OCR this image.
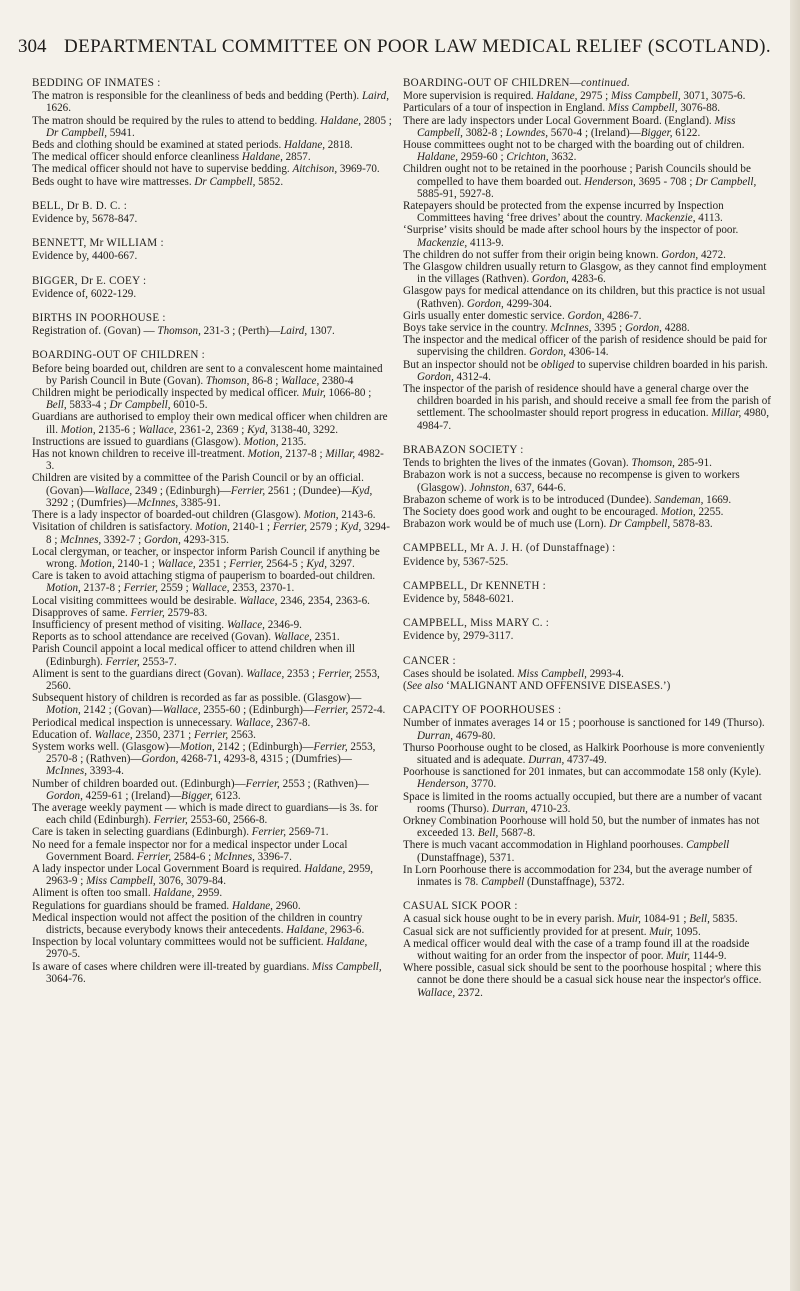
304 DEPARTMENTAL COMMITTEE ON POOR LAW MEDICAL RELIEF (SCOTLAND).
BEDDING OF INMATES :
The matron is responsible for the cleanliness of beds and bedding (Perth). Laird, 1626.
The matron should be required by the rules to attend to bedding. Haldane, 2805 ; Dr Campbell, 5941.
Beds and clothing should be examined at stated periods. Haldane, 2818.
The medical officer should enforce cleanliness Haldane, 2857.
The medical officer should not have to supervise bedding. Aitchison, 3969-70.
Beds ought to have wire mattresses. Dr Campbell, 5852.
BELL, Dr B. D. C. :
Evidence by, 5678-847.
BENNETT, Mr WILLIAM :
Evidence by, 4400-667.
BIGGER, Dr E. COEY :
Evidence of, 6022-129.
BIRTHS IN POORHOUSE :
Registration of. (Govan) — Thomson, 231-3 ; (Perth)—Laird, 1307.
BOARDING-OUT OF CHILDREN :
Before being boarded out, children are sent to a convalescent home maintained by Parish Council in Bute (Govan). Thomson, 86-8 ; Wallace, 2380-4
Children might be periodically inspected by medical officer. Muir, 1066-80 ; Bell, 5833-4 ; Dr Campbell, 6010-5.
Guardians are authorised to employ their own medical officer when children are ill. Motion, 2135-6 ; Wallace, 2361-2, 2369 ; Kyd, 3138-40, 3292.
Instructions are issued to guardians (Glasgow). Motion, 2135.
Has not known children to receive ill-treatment. Motion, 2137-8 ; Millar, 4982-3.
Children are visited by a committee of the Parish Council or by an official. (Govan)—Wallace, 2349 ; (Edinburgh)—Ferrier, 2561 ; (Dundee)—Kyd, 3292 ; (Dumfries)—McInnes, 3385-91.
There is a lady inspector of boarded-out children (Glasgow). Motion, 2143-6.
Visitation of children is satisfactory. Motion, 2140-1 ; Ferrier, 2579 ; Kyd, 3294-8 ; McInnes, 3392-7 ; Gordon, 4293-315.
Local clergyman, or teacher, or inspector inform Parish Council if anything be wrong. Motion, 2140-1 ; Wallace, 2351 ; Ferrier, 2564-5 ; Kyd, 3297.
Care is taken to avoid attaching stigma of pauperism to boarded-out children. Motion, 2137-8 ; Ferrier, 2559 ; Wallace, 2353, 2370-1.
Local visiting committees would be desirable. Wallace, 2346, 2354, 2363-6.
Disapproves of same. Ferrier, 2579-83.
Insufficiency of present method of visiting. Wallace, 2346-9.
Reports as to school attendance are received (Govan). Wallace, 2351.
Parish Council appoint a local medical officer to attend children when ill (Edinburgh). Ferrier, 2553-7.
Aliment is sent to the guardians direct (Govan). Wallace, 2353 ; Ferrier, 2553, 2560.
Subsequent history of children is recorded as far as possible. (Glasgow)—Motion, 2142 ; (Govan)—Wallace, 2355-60 ; (Edinburgh)—Ferrier, 2572-4.
Periodical medical inspection is unnecessary. Wallace, 2367-8.
Education of. Wallace, 2350, 2371 ; Ferrier, 2563.
System works well. (Glasgow)—Motion, 2142 ; (Edinburgh)—Ferrier, 2553, 2570-8 ; (Rathven)—Gordon, 4268-71, 4293-8, 4315 ; (Dumfries)—McInnes, 3393-4.
Number of children boarded out. (Edinburgh)—Ferrier, 2553 ; (Rathven)—Gordon, 4259-61 ; (Ireland)—Bigger, 6123.
The average weekly payment — which is made direct to guardians—is 3s. for each child (Edinburgh). Ferrier, 2553-60, 2566-8.
Care is taken in selecting guardians (Edinburgh). Ferrier, 2569-71.
No need for a female inspector nor for a medical inspector under Local Government Board. Ferrier, 2584-6 ; McInnes, 3396-7.
A lady inspector under Local Government Board is required. Haldane, 2959, 2963-9 ; Miss Campbell, 3076, 3079-84.
Aliment is often too small. Haldane, 2959.
Regulations for guardians should be framed. Haldane, 2960.
Medical inspection would not affect the position of the children in country districts, because everybody knows their antecedents. Haldane, 2963-6.
Inspection by local voluntary committees would not be sufficient. Haldane, 2970-5.
Is aware of cases where children were ill-treated by guardians. Miss Campbell, 3064-76.
BOARDING-OUT OF CHILDREN—continued.
More supervision is required. Haldane, 2975 ; Miss Campbell, 3071, 3075-6.
Particulars of a tour of inspection in England. Miss Campbell, 3076-88.
There are lady inspectors under Local Government Board. (England). Miss Campbell, 3082-8 ; Lowndes, 5670-4 ; (Ireland)—Bigger, 6122.
House committees ought not to be charged with the boarding out of children. Haldane, 2959-60 ; Crichton, 3632.
Children ought not to be retained in the poorhouse ; Parish Councils should be compelled to have them boarded out. Henderson, 3695 - 708 ; Dr Campbell, 5885-91, 5927-8.
Ratepayers should be protected from the expense incurred by Inspection Committees having ‘free drives’ about the country. Mackenzie, 4113.
‘Surprise’ visits should be made after school hours by the inspector of poor. Mackenzie, 4113-9.
The children do not suffer from their origin being known. Gordon, 4272.
The Glasgow children usually return to Glasgow, as they cannot find employment in the villages (Rathven). Gordon, 4283-6.
Glasgow pays for medical attendance on its children, but this practice is not usual (Rathven). Gordon, 4299-304.
Girls usually enter domestic service. Gordon, 4286-7.
Boys take service in the country. McInnes, 3395 ; Gordon, 4288.
The inspector and the medical officer of the parish of residence should be paid for supervising the children. Gordon, 4306-14.
But an inspector should not be obliged to supervise children boarded in his parish. Gordon, 4312-4.
The inspector of the parish of residence should have a general charge over the children boarded in his parish, and should receive a small fee from the parish of settlement. The schoolmaster should report progress in education. Millar, 4980, 4984-7.
BRABAZON SOCIETY :
Tends to brighten the lives of the inmates (Govan). Thomson, 285-91.
Brabazon work is not a success, because no recompense is given to workers (Glasgow). Johnston, 637, 644-6.
Brabazon scheme of work is to be introduced (Dundee). Sandeman, 1669.
The Society does good work and ought to be encouraged. Motion, 2255.
Brabazon work would be of much use (Lorn). Dr Campbell, 5878-83.
CAMPBELL, Mr A. J. H. (of Dunstaffnage) :
Evidence by, 5367-525.
CAMPBELL, Dr KENNETH :
Evidence by, 5848-6021.
CAMPBELL, Miss MARY C. :
Evidence by, 2979-3117.
CANCER :
Cases should be isolated. Miss Campbell, 2993-4.
(See also ‘MALIGNANT AND OFFENSIVE DISEASES.’)
CAPACITY OF POORHOUSES :
Number of inmates averages 14 or 15 ; poorhouse is sanctioned for 149 (Thurso). Durran, 4679-80.
Thurso Poorhouse ought to be closed, as Halkirk Poorhouse is more conveniently situated and is adequate. Durran, 4737-49.
Poorhouse is sanctioned for 201 inmates, but can accommodate 158 only (Kyle). Henderson, 3770.
Space is limited in the rooms actually occupied, but there are a number of vacant rooms (Thurso). Durran, 4710-23.
Orkney Combination Poorhouse will hold 50, but the number of inmates has not exceeded 13. Bell, 5687-8.
There is much vacant accommodation in Highland poorhouses. Campbell (Dunstaffnage), 5371.
In Lorn Poorhouse there is accommodation for 234, but the average number of inmates is 78. Campbell (Dunstaffnage), 5372.
CASUAL SICK POOR :
A casual sick house ought to be in every parish. Muir, 1084-91 ; Bell, 5835.
Casual sick are not sufficiently provided for at present. Muir, 1095.
A medical officer would deal with the case of a tramp found ill at the roadside without waiting for an order from the inspector of poor. Muir, 1144-9.
Where possible, casual sick should be sent to the poorhouse hospital ; where this cannot be done there should be a casual sick house near the inspector's office. Wallace, 2372.
